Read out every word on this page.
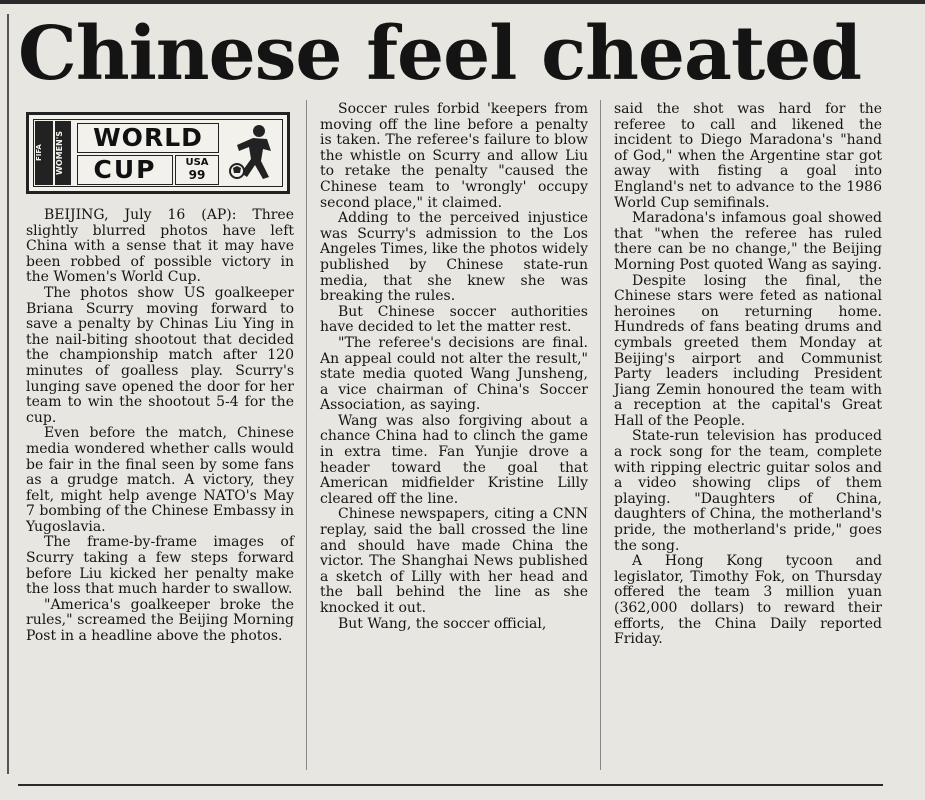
Chinese feel cheated
FIFA	WOMEN'S	WORLD
CUP	USA
99

BEIJING, July 16 (AP): Three slightly blurred photos have left China with a sense that it may have been robbed of possible victory in the Women's World Cup.

The photos show US goalkeeper Briana Scurry moving forward to save a penalty by Chinas Liu Ying in the nail-biting shootout that decided the championship match after 120 minutes of goalless play. Scurry's lunging save opened the door for her team to win the shootout 5-4 for the cup.

Even before the match, Chinese media wondered whether calls would be fair in the final seen by some fans as a grudge match. A victory, they felt, might help avenge NATO's May 7 bombing of the Chinese Embassy in Yugoslavia.

The frame-by-frame images of Scurry taking a few steps forward before Liu kicked her penalty make the loss that much harder to swallow.

"America's goalkeeper broke the rules," screamed the Beijing Morning Post in a headline above the photos.

Soccer rules forbid 'keepers from moving off the line before a penalty is taken. The referee's failure to blow the whistle on Scurry and allow Liu to retake the penalty "caused the Chinese team to 'wrongly' occupy second place," it claimed.

Adding to the perceived injustice was Scurry's admission to the Los Angeles Times, like the photos widely published by Chinese state-run media, that she knew she was breaking the rules.

But Chinese soccer authorities have decided to let the matter rest.

"The referee's decisions are final. An appeal could not alter the result," state media quoted Wang Junsheng, a vice chairman of China's Soccer Association, as saying.

Wang was also forgiving about a chance China had to clinch the game in extra time. Fan Yunjie drove a header toward the goal that American midfielder Kristine Lilly cleared off the line.

Chinese newspapers, citing a CNN replay, said the ball crossed the line and should have made China the victor. The Shanghai News published a sketch of Lilly with her head and the ball behind the line as she knocked it out.

But Wang, the soccer official,

said the shot was hard for the referee to call and likened the incident to Diego Maradona's "hand of God," when the Argentine star got away with fisting a goal into England's net to advance to the 1986 World Cup semifinals.

Maradona's infamous goal showed that "when the referee has ruled there can be no change," the Beijing Morning Post quoted Wang as saying.

Despite losing the final, the Chinese stars were feted as national heroines on returning home. Hundreds of fans beating drums and cymbals greeted them Monday at Beijing's airport and Communist Party leaders including President Jiang Zemin honoured the team with a reception at the capital's Great Hall of the People.

State-run television has produced a rock song for the team, complete with ripping electric guitar solos and a video showing clips of them playing. "Daughters of China, daughters of China, the motherland's pride, the motherland's pride," goes the song.

A Hong Kong tycoon and legislator, Timothy Fok, on Thursday offered the team 3 million yuan (362,000 dollars) to reward their efforts, the China Daily reported Friday.
